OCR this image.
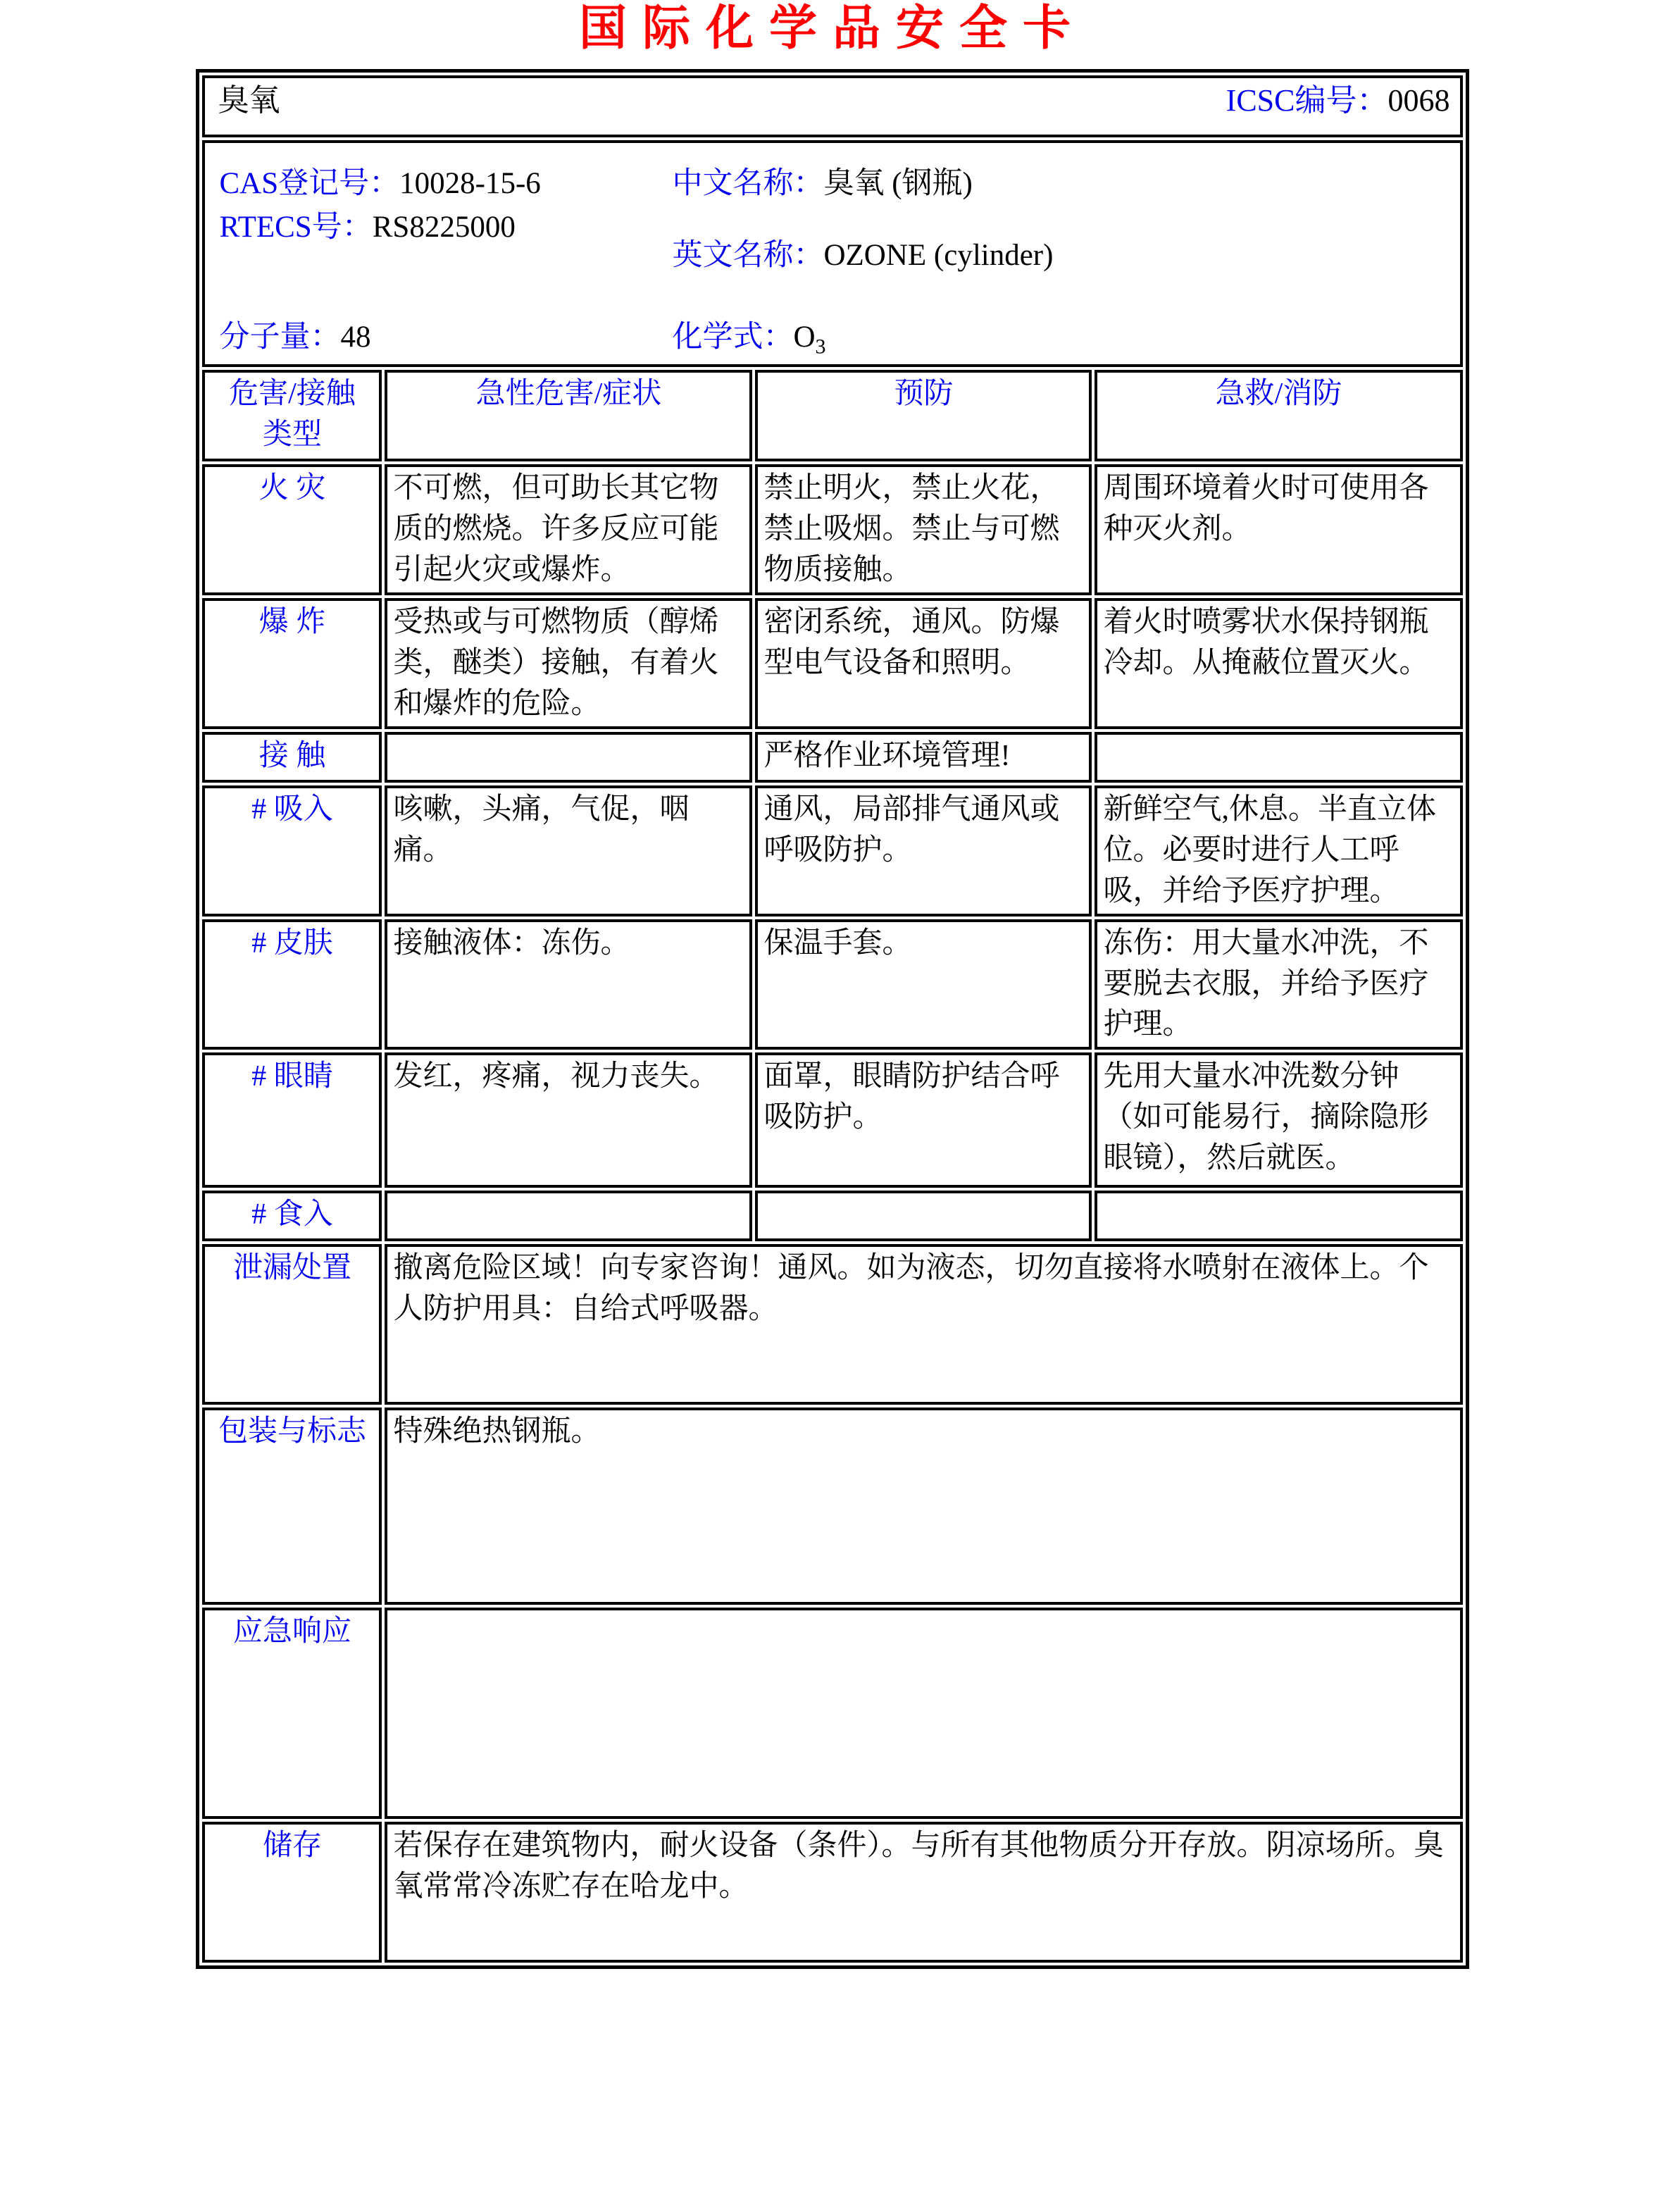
国际化学品安全卡
臭氧 ICSC编号：0068			

CAS登记号：10028-15-6
RTECS号：RS8225000
分子量：48
中文名称：臭氧 (钢瓶)
英文名称：OZONE (cylinder)
化学式：$O_3$

危害/接触
类型	急性危害/症状	预防	急救/消防
火 灾	不可燃，但可助长其它物质的燃烧。许多反应可能引起火灾或爆炸。	禁止明火，禁止火花，禁止吸烟。禁止与可燃物质接触。	周围环境着火时可使用各种灭火剂。
爆 炸	受热或与可燃物质（醇烯类，醚类）接触，有着火和爆炸的危险。	密闭系统，通风。防爆型电气设备和照明。	着火时喷雾状水保持钢瓶冷却。从掩蔽位置灭火。
接 触		严格作业环境管理!	
# 吸入	咳嗽，头痛，气促，咽痛。	通风，局部排气通风或呼吸防护。	新鲜空气,休息。半直立体位。必要时进行人工呼吸，并给予医疗护理。
# 皮肤	接触液体：冻伤。	保温手套。	冻伤：用大量水冲洗，不要脱去衣服，并给予医疗护理。
# 眼睛	发红，疼痛，视力丧失。	面罩，眼睛防护结合呼吸防护。	先用大量水冲洗数分钟（如可能易行，摘除隐形眼镜），然后就医。
# 食入			
泄漏处置	撤离危险区域！向专家咨询！通风。如为液态，切勿直接将水喷射在液体上。个人防护用具：自给式呼吸器。		
包装与标志	特殊绝热钢瓶。		
应急响应			
储存	若保存在建筑物内，耐火设备（条件）。与所有其他物质分开存放。阴凉场所。臭氧常常冷冻贮存在哈龙中。		
